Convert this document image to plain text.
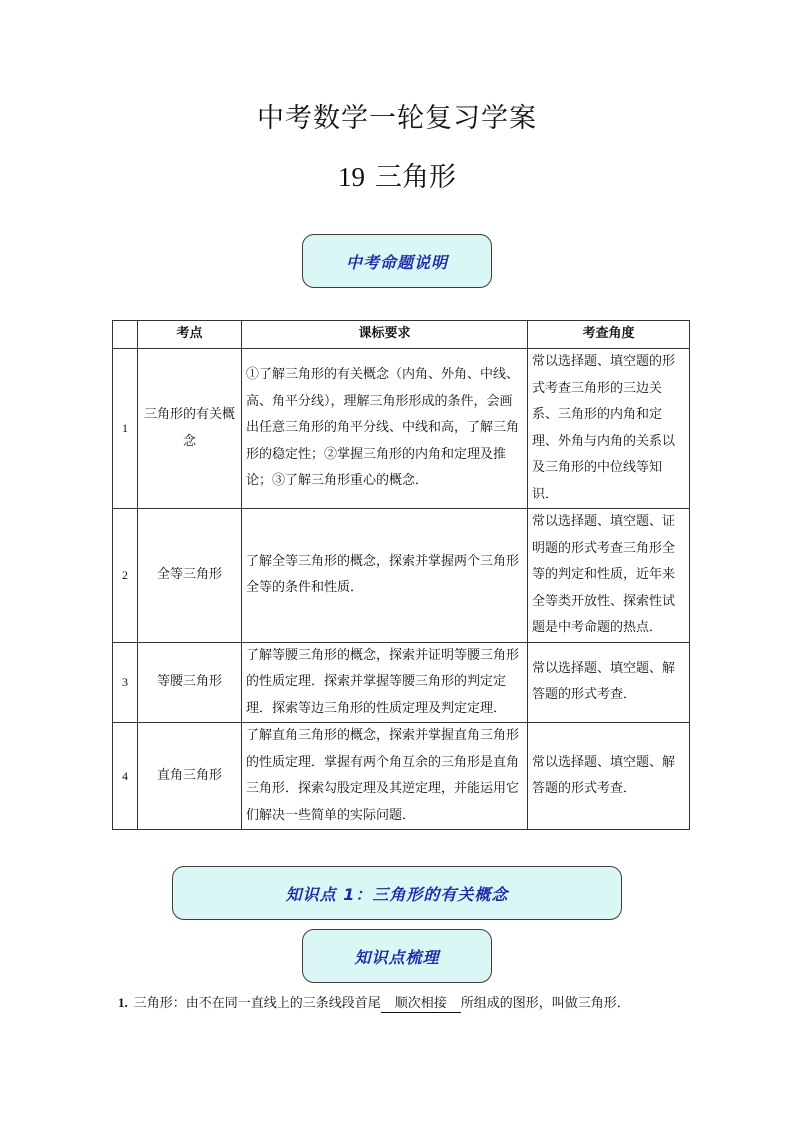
中考数学一轮复习学案
19 三角形
中考命题说明
	考点	课标要求	考查角度
1	三角形的有关概念	①了解三角形的有关概念（内角、外角、中线、高、角平分线），理解三角形形成的条件，会画出任意三角形的角平分线、中线和高，了解三角形的稳定性；②掌握三角形的内角和定理及推论；③了解三角形重心的概念．	常以选择题、填空题的形式考查三角形的三边关系、三角形的内角和定理、外角与内角的关系以及三角形的中位线等知识．
2	全等三角形	了解全等三角形的概念，探索并掌握两个三角形全等的条件和性质．	常以选择题、填空题、证明题的形式考查三角形全等的判定和性质，近年来全等类开放性、探索性试题是中考命题的热点．
3	等腰三角形	了解等腰三角形的概念，探索并证明等腰三角形的性质定理．探索并掌握等腰三角形的判定定理．探索等边三角形的性质定理及判定定理．	常以选择题、填空题、解答题的形式考查．
4	直角三角形	了解直角三角形的概念，探索并掌握直角三角形的性质定理．掌握有两个角互余的三角形是直角三角形．探索勾股定理及其逆定理，并能运用它们解决一些简单的实际问题．	常以选择题、填空题、解答题的形式考查．
知识点 1：三角形的有关概念
知识点梳理
1. 三角形：由不在同一直线上的三条线段首尾 顺次相接 所组成的图形，叫做三角形．
